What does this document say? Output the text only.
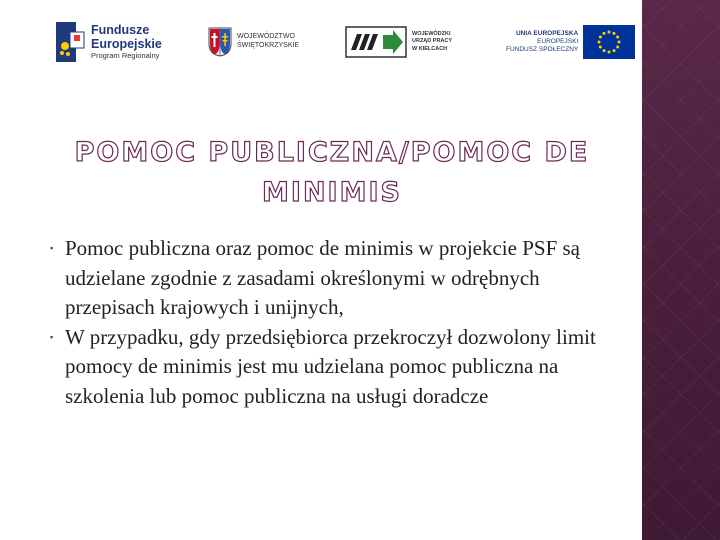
Fundusze
Europejskie
Program Regionalny
WOJEWÓDZTWO
ŚWIĘTOKRZYSKIE
WOJEWÓDZKI
URZĄD PRACY
W KIELCACH
UNIA EUROPEJSKA
EUROPEJSKI
FUNDUSZ SPOŁECZNY
POMOC PUBLICZNA/POMOC DE MINIMIS
▪ Pomoc publiczna oraz pomoc de minimis w projekcie PSF są udzielane zgodnie z zasadami określonymi w odrębnych przepisach krajowych i unijnych,
▪ W przypadku, gdy przedsiębiorca przekroczył dozwolony limit pomocy de minimis jest mu udzielana pomoc publiczna na szkolenia lub pomoc publiczna na usługi doradcze
